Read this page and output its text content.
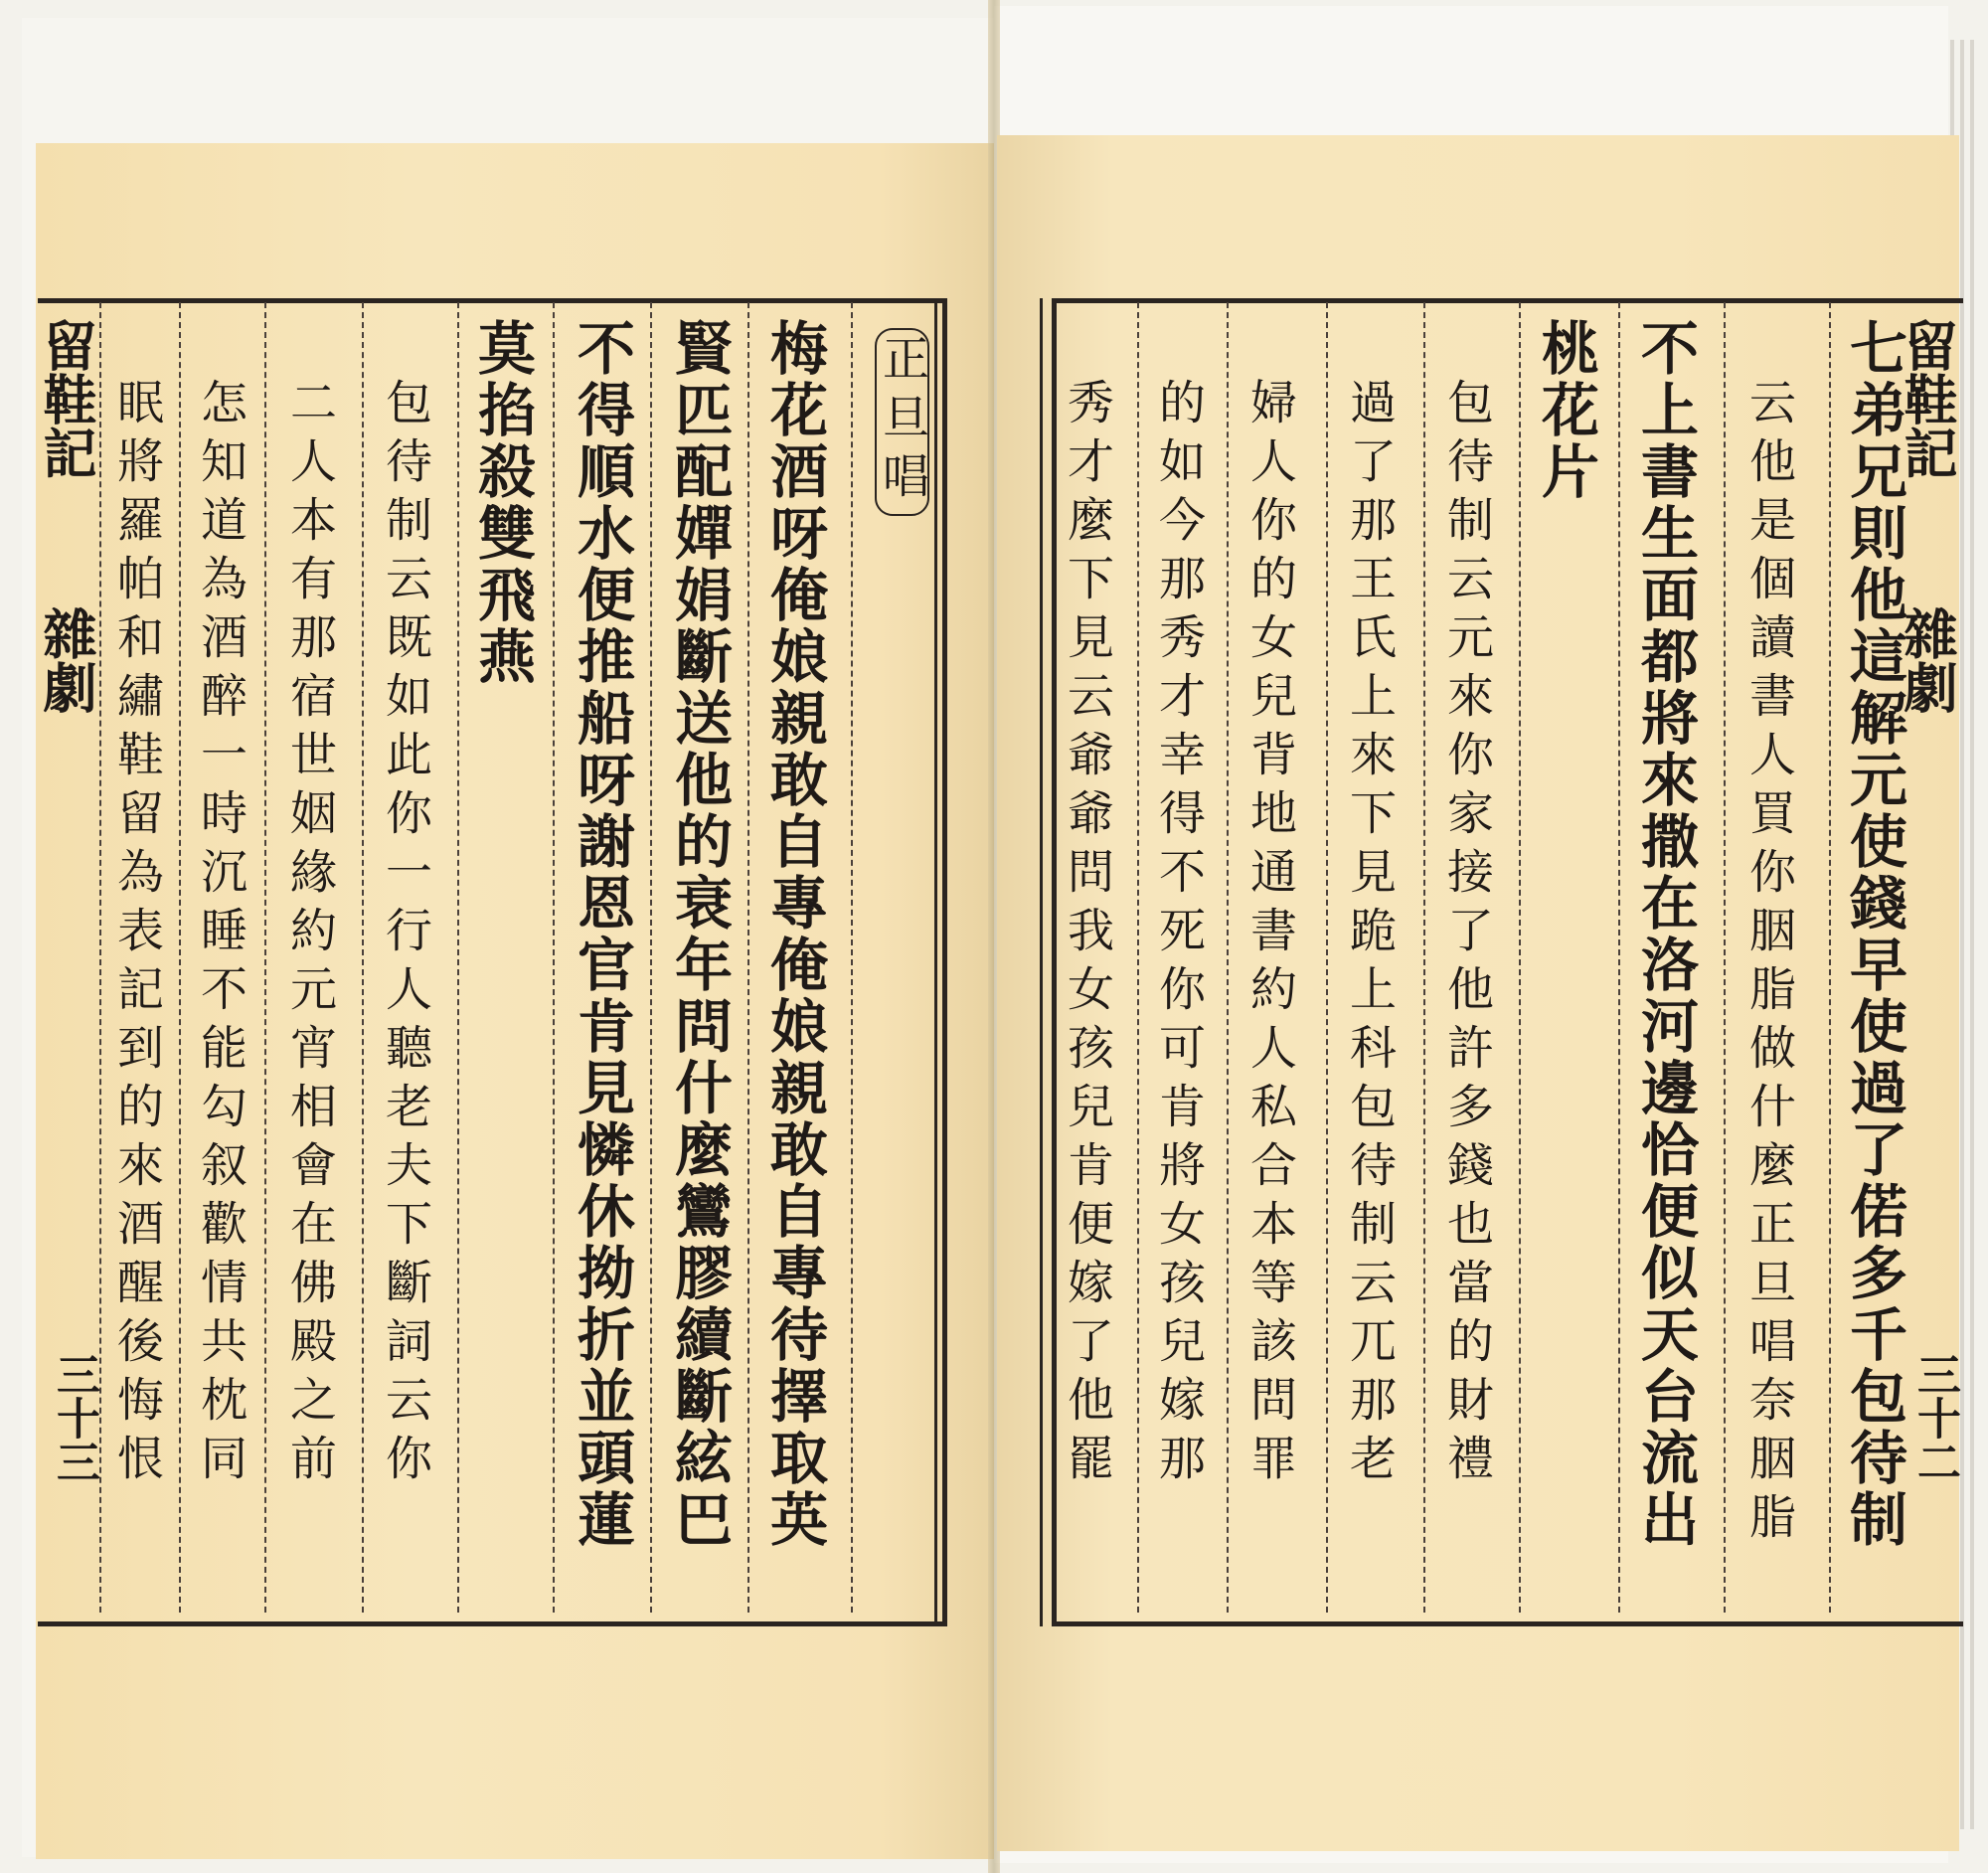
留鞋記
雜劇
三十三
正旦唱
梅花酒呀俺娘親敢自專俺娘親敢自專待擇取英
賢匹配嬋娟斷送他的衰年問什麼鸞膠續斷絃巴
不得順水便推船呀謝恩官肯見憐休拗折並頭蓮
莫掐殺雙飛燕
包待制云既如此你一行人聽老夫下斷詞云你
二人本有那宿世姻緣約元宵相會在佛殿之前
怎知道為酒醉一時沉睡不能勾叙歡情共枕同
眠將羅帕和繡鞋留為表記到的來酒醒後悔恨	秀才麼下見云爺爺問我女孩兒肯便嫁了他罷 的如今那秀才幸得不死你可肯將女孩兒嫁那 婦人你的女兒背地通書約人私合本等該問罪 過了那王氏上來下見跪上科包待制云兀那老 包待制云元來你家接了他許多錢也當的財禮 桃花片 不上書生面都將來撒在洛河邊恰便似天台流出 云他是個讀書人買你胭脂做什麼正旦唱奈胭脂 七弟兄則他這解元使錢早使過了偌多千包待制
留鞋記
雜劇
三十二
